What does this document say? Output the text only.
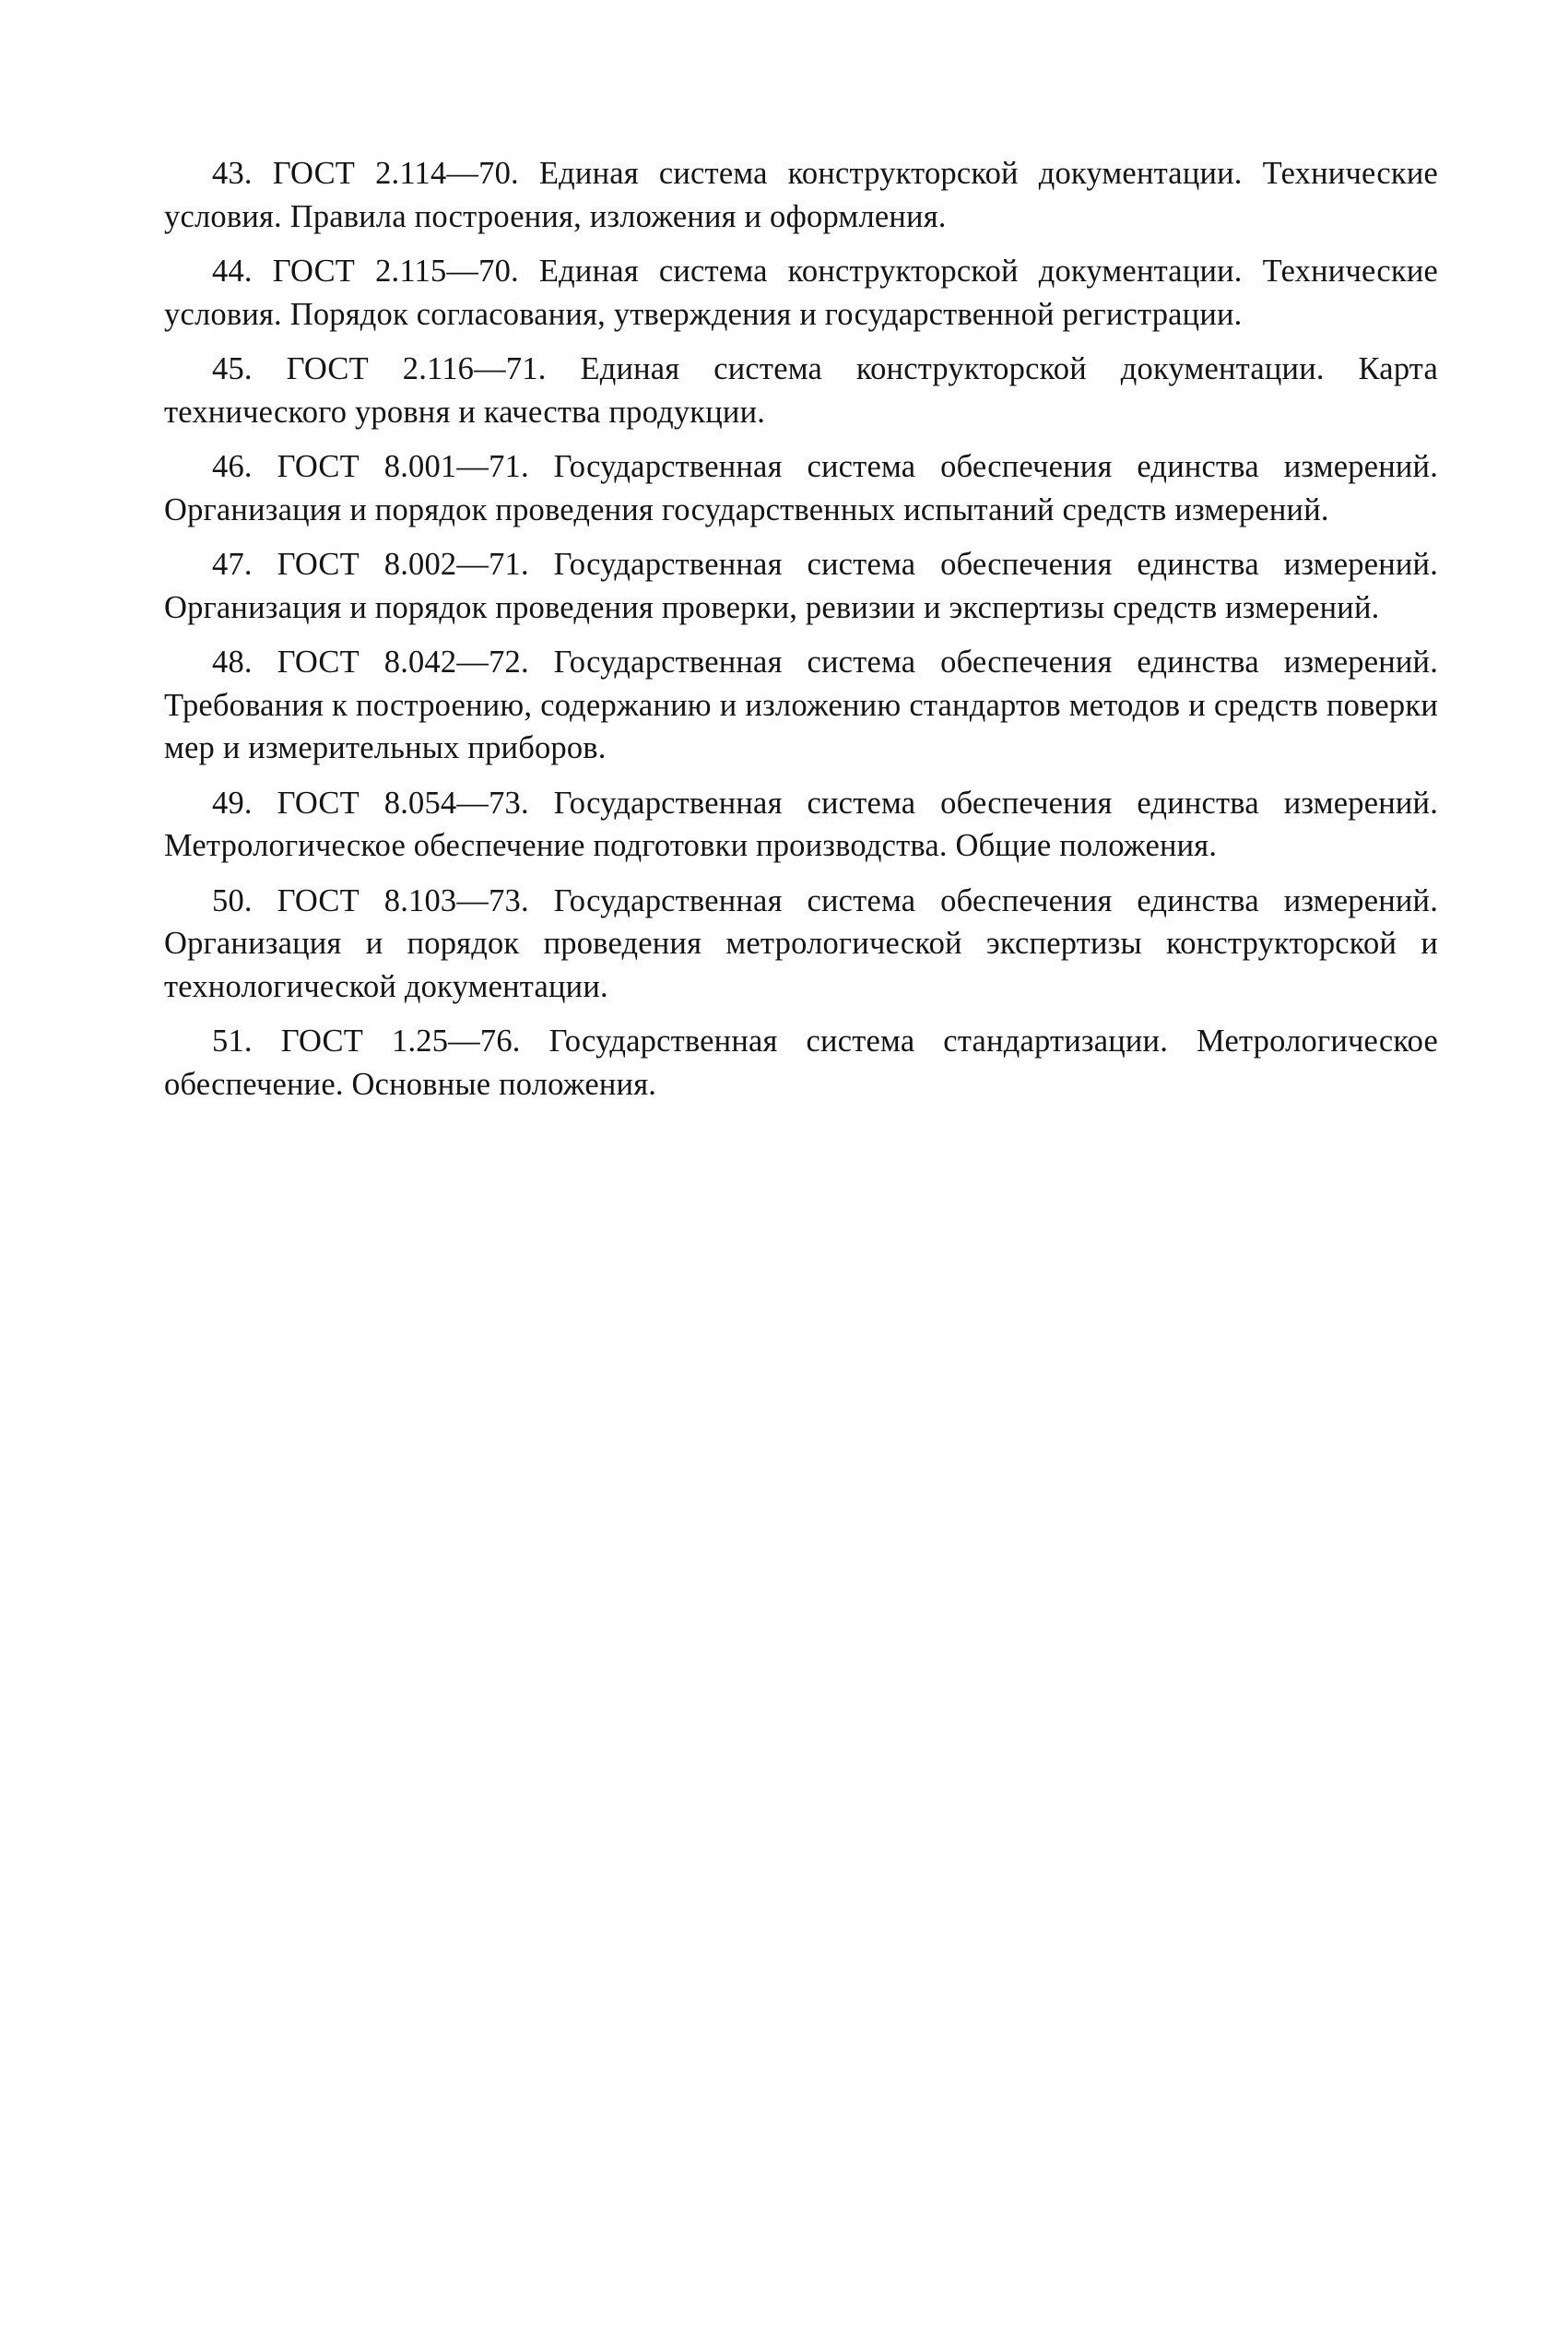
43. ГОСТ 2.114—70. Единая система конструкторской документации. Технические условия. Правила построения, изложения и оформления.

44. ГОСТ 2.115—70. Единая система конструкторской документации. Технические условия. Порядок согласования, утверждения и государственной регистрации.

45. ГОСТ 2.116—71. Единая система конструкторской документации. Карта технического уровня и качества продукции.

46. ГОСТ 8.001—71. Государственная система обеспечения единства измерений. Организация и порядок проведения государственных испытаний средств измерений.

47. ГОСТ 8.002—71. Государственная система обеспечения единства измерений. Организация и порядок проведения проверки, ревизии и экспертизы средств измерений.

48. ГОСТ 8.042—72. Государственная система обеспечения единства измерений. Требования к построению, содержанию и изложению стандартов методов и средств поверки мер и измерительных приборов.

49. ГОСТ 8.054—73. Государственная система обеспечения единства измерений. Метрологическое обеспечение подготовки производства. Общие положения.

50. ГОСТ 8.103—73. Государственная система обеспечения единства измерений. Организация и порядок проведения метрологической экспертизы конструкторской и технологической документации.

51. ГОСТ 1.25—76. Государственная система стандартизации. Метрологическое обеспечение. Основные положения.
